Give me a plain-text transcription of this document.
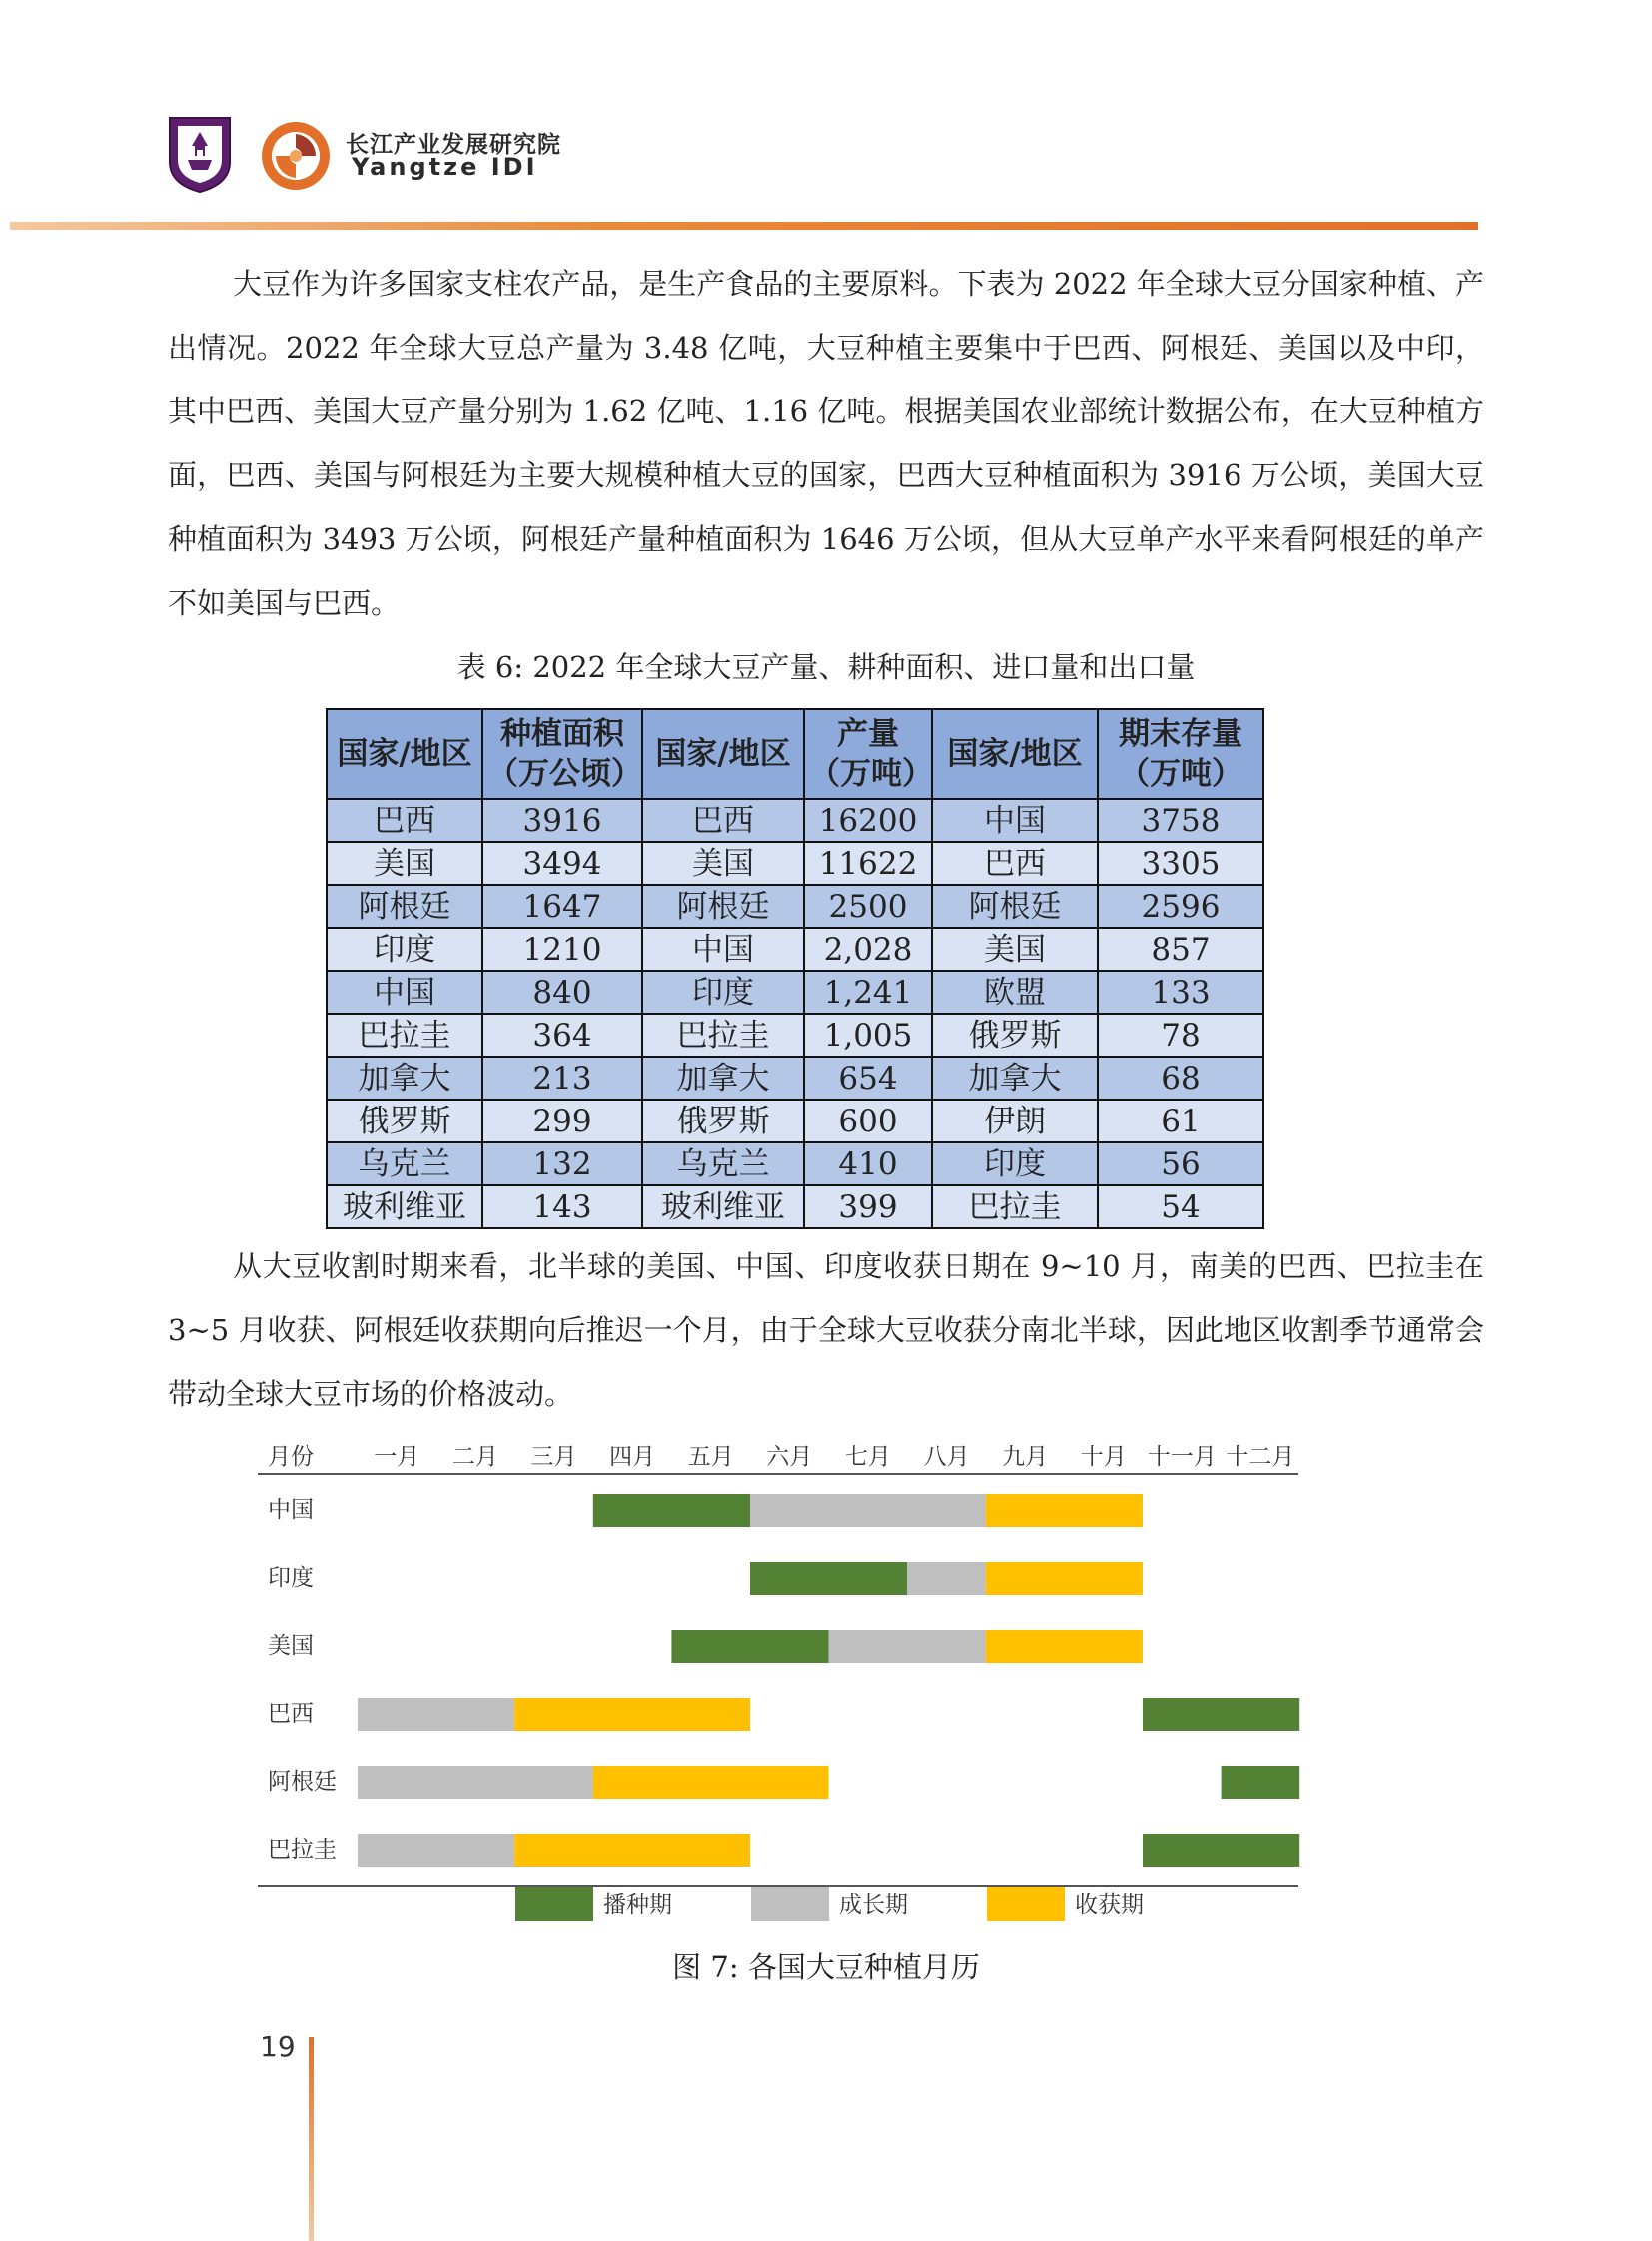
长江产业发展研究院
Yangtze IDI

大豆作为许多国家支柱农产品，是生产食品的主要原料。下表为 2022 年全球大豆分国家种植、产出情况。2022 年全球大豆总产量为 3.48 亿吨，大豆种植主要集中于巴西、阿根廷、美国以及中印，其中巴西、美国大豆产量分别为 1.62 亿吨、1.16 亿吨。根据美国农业部统计数据公布，在大豆种植方面，巴西、美国与阿根廷为主要大规模种植大豆的国家，巴西大豆种植面积为 3916 万公顷，美国大豆种植面积为 3493 万公顷，阿根廷产量种植面积为 1646 万公顷，但从大豆单产水平来看阿根廷的单产不如美国与巴西。

表 6: 2022 年全球大豆产量、耕种面积、进口量和出口量
国家/地区	种植面积（万公顷）	国家/地区	产量（万吨）	国家/地区	期末存量（万吨）
巴西	3916	巴西	16200	中国	3758
美国	3494	美国	11622	巴西	3305
阿根廷	1647	阿根廷	2500	阿根廷	2596
印度	1210	中国	2,028	美国	857
中国	840	印度	1,241	欧盟	133
巴拉圭	364	巴拉圭	1,005	俄罗斯	78
加拿大	213	加拿大	654	加拿大	68
俄罗斯	299	俄罗斯	600	伊朗	61
乌克兰	132	乌克兰	410	印度	56
玻利维亚	143	玻利维亚	399	巴拉圭	54

从大豆收割时期来看，北半球的美国、中国、印度收获日期在 9~10 月，南美的巴西、巴拉圭在 3~5 月收获、阿根廷收获期向后推迟一个月，由于全球大豆收获分南北半球，因此地区收割季节通常会带动全球大豆市场的价格波动。

月份	一月 二月 三月 四月 五月 六月 七月 八月 九月 十月 十一月 十二月
中国
印度
美国
巴西
阿根廷
巴拉圭
播种期	成长期	收获期
图 7: 各国大豆种植月历
19
